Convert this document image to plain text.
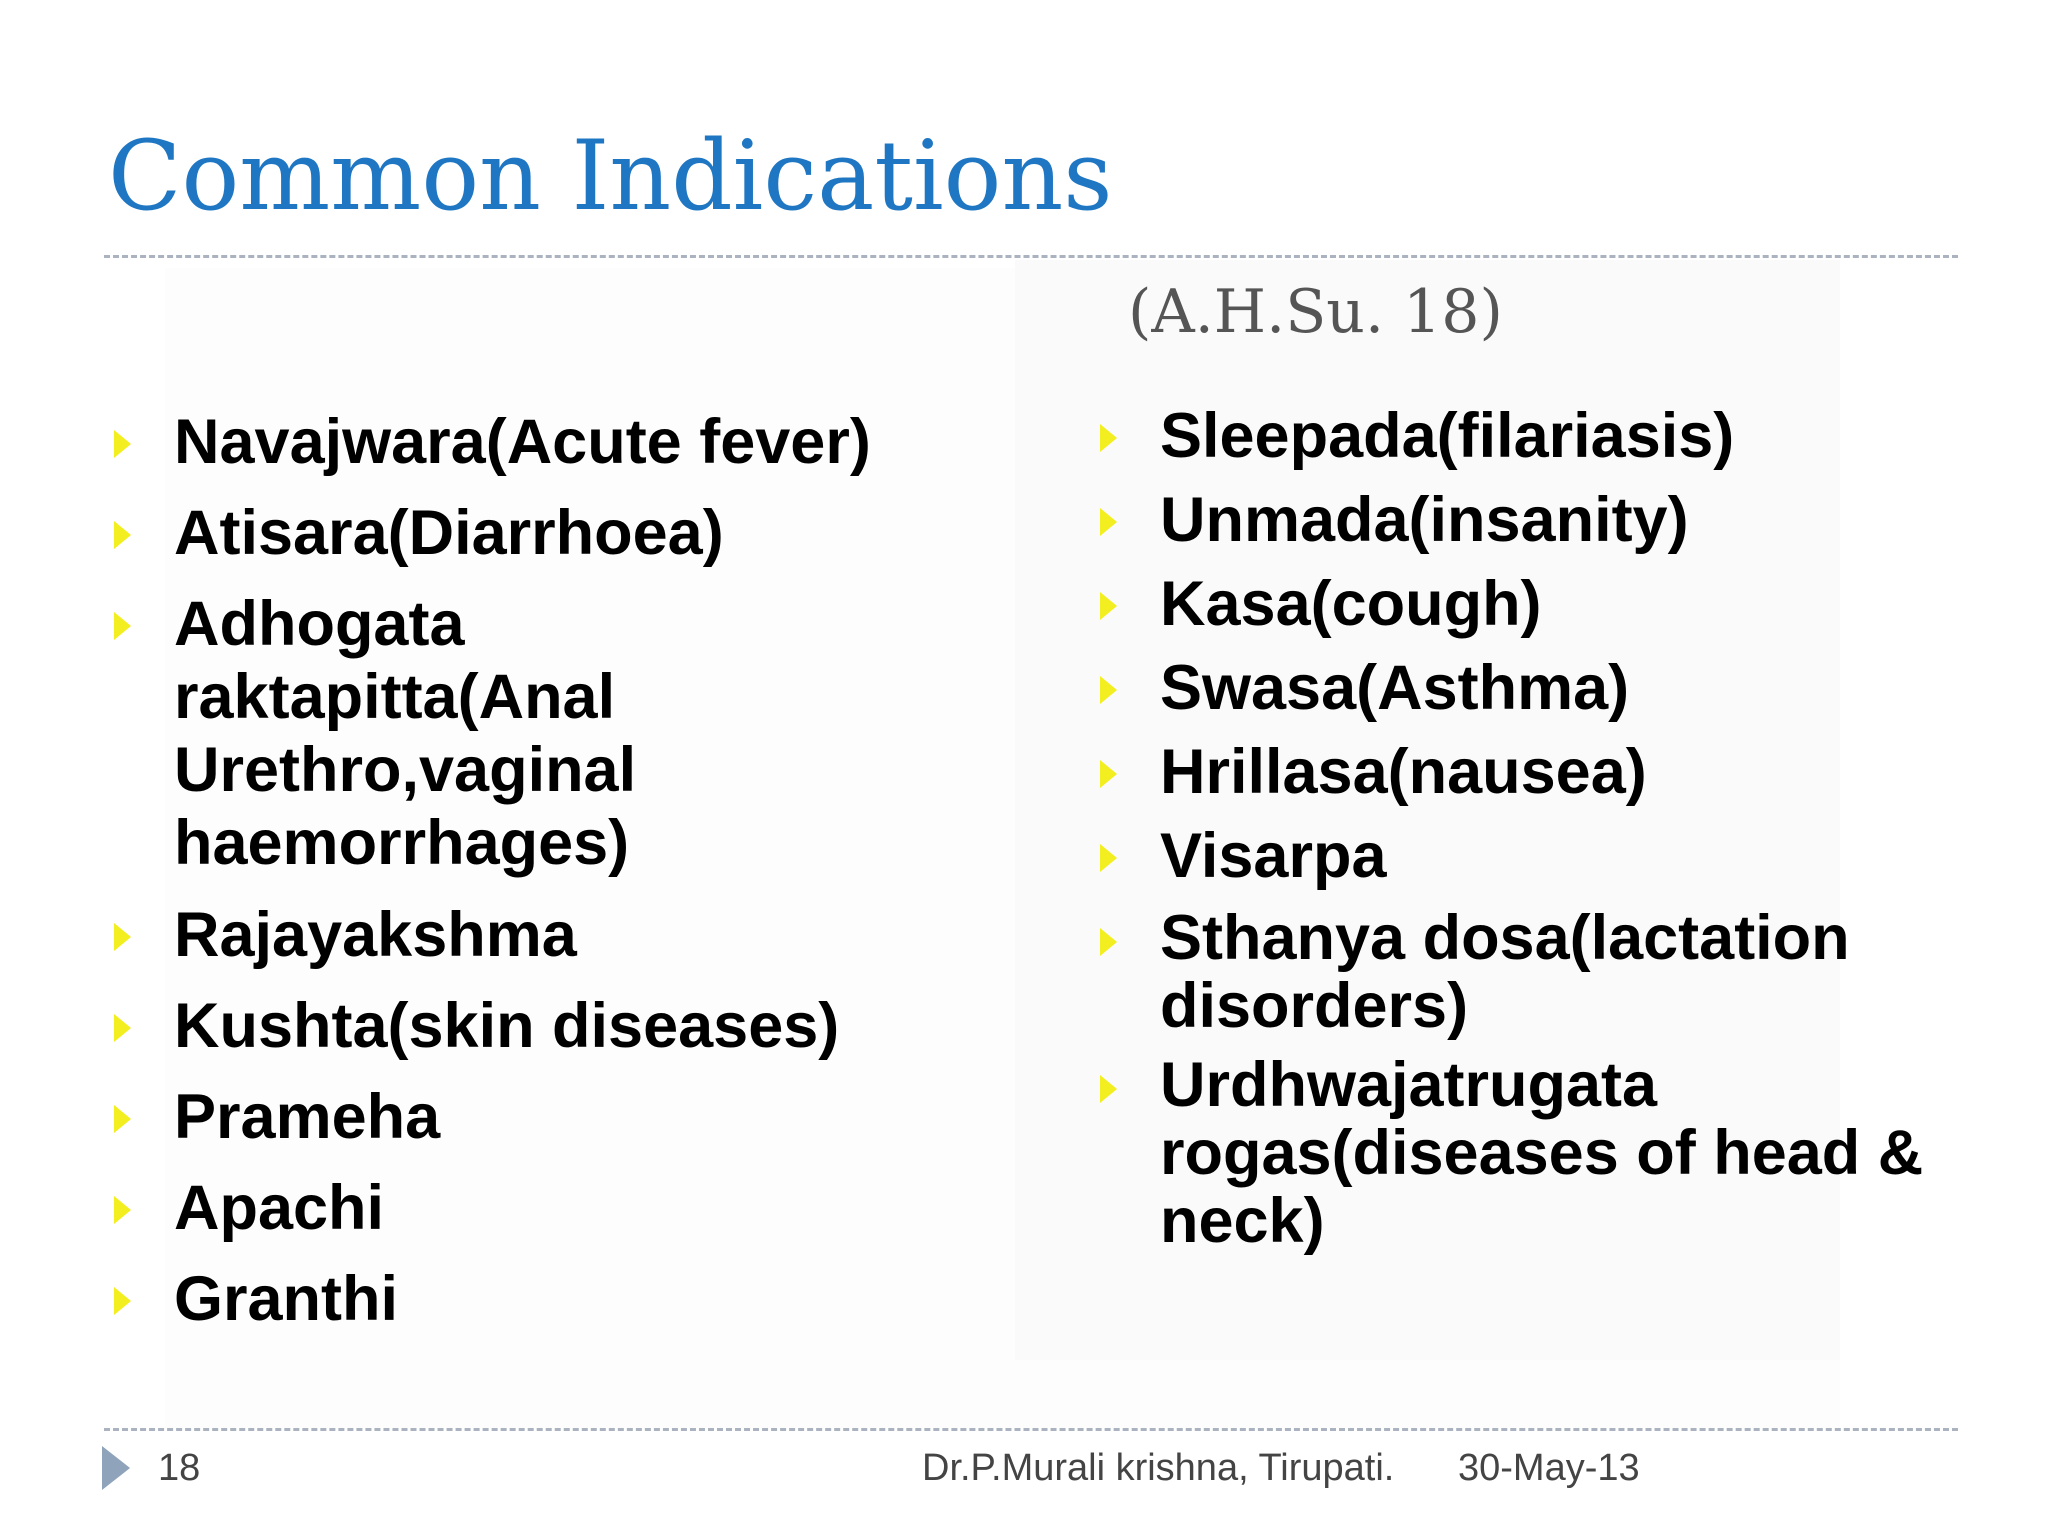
Common Indications
(A.H.Su. 18)
Navajwara(Acute fever)
Atisara(Diarrhoea)
Adhogata raktapitta(Anal Urethro,vaginal haemorrhages)
Rajayakshma
Kushta(skin diseases)
Prameha
Apachi
Granthi
Sleepada(filariasis)
Unmada(insanity)
Kasa(cough)
Swasa(Asthma)
Hrillasa(nausea)
Visarpa
Sthanya dosa(lactation disorders)
Urdhwajatrugata rogas(diseases of head & neck)
18	Dr.P.Murali krishna, Tirupati. 30-May-13
